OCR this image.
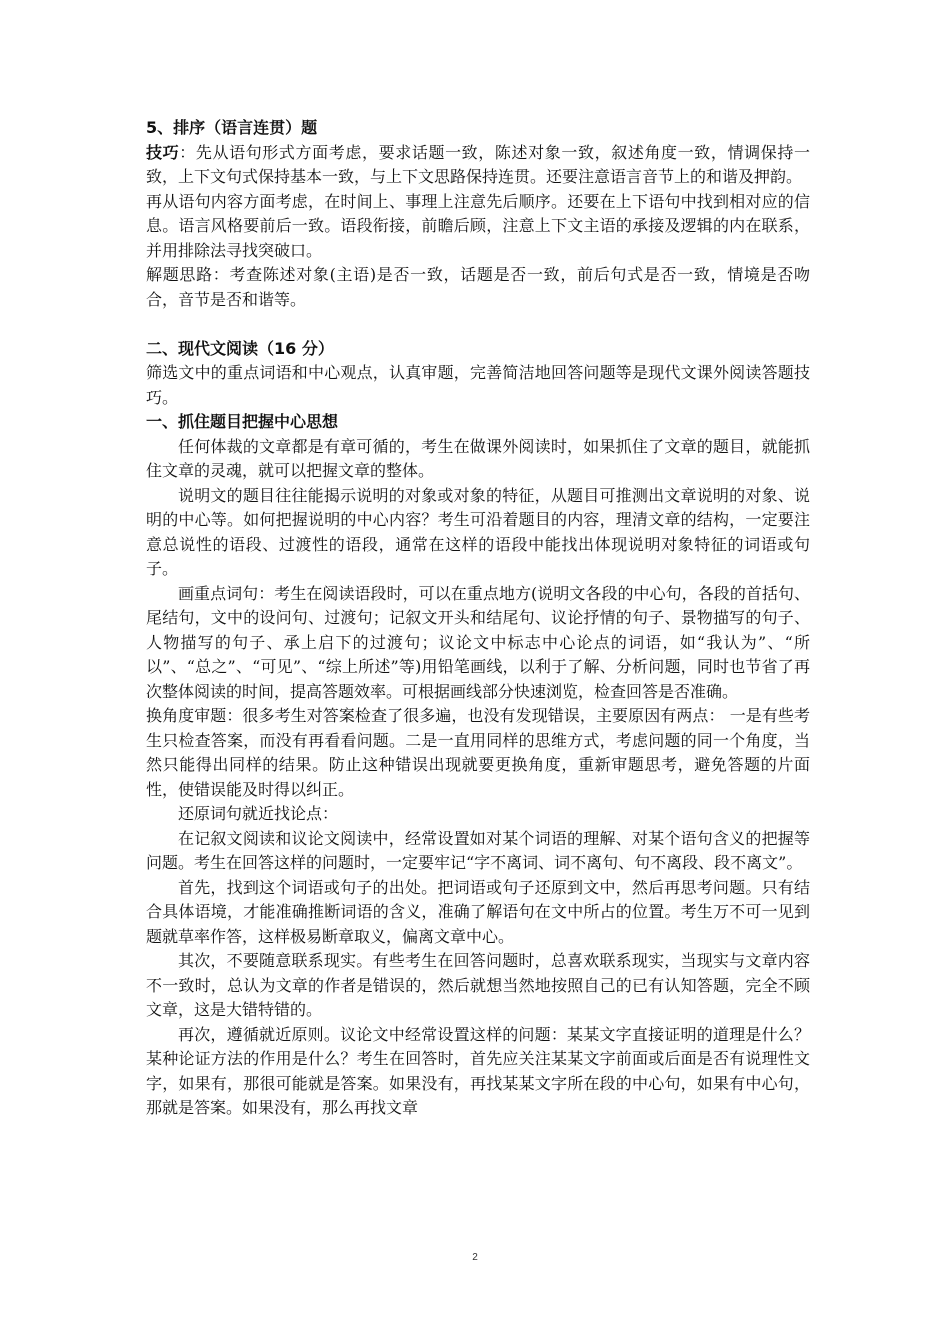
5、排序（语言连贯）题

技巧：先从语句形式方面考虑，要求话题一致，陈述对象一致，叙述角度一致，情调保持一致，上下文句式保持基本一致，与上下文思路保持连贯。还要注意语言音节上的和谐及押韵。

再从语句内容方面考虑，在时间上、事理上注意先后顺序。还要在上下语句中找到相对应的信息。语言风格要前后一致。语段衔接，前瞻后顾，注意上下文主语的承接及逻辑的内在联系，并用排除法寻找突破口。

解题思路：考查陈述对象(主语)是否一致，话题是否一致，前后句式是否一致，情境是否吻合，音节是否和谐等。

二、现代文阅读（16 分）

筛选文中的重点词语和中心观点，认真审题，完善简洁地回答问题等是现代文课外阅读答题技巧。

一、抓住题目把握中心思想

任何体裁的文章都是有章可循的，考生在做课外阅读时，如果抓住了文章的题目，就能抓住文章的灵魂，就可以把握文章的整体。

说明文的题目往往能揭示说明的对象或对象的特征，从题目可推测出文章说明的对象、说明的中心等。如何把握说明的中心内容？考生可沿着题目的内容，理清文章的结构，一定要注意总说性的语段、过渡性的语段，通常在这样的语段中能找出体现说明对象特征的词语或句子。

画重点词句：考生在阅读语段时，可以在重点地方(说明文各段的中心句，各段的首括句、尾结句，文中的设问句、过渡句；记叙文开头和结尾句、议论抒情的句子、景物描写的句子、人物描写的句子、承上启下的过渡句；议论文中标志中心论点的词语，如“我认为”、“所以”、“总之”、“可见”、“综上所述”等)用铅笔画线，以利于了解、分析问题，同时也节省了再次整体阅读的时间，提高答题效率。可根据画线部分快速浏览，检查回答是否准确。

换角度审题：很多考生对答案检查了很多遍，也没有发现错误，主要原因有两点： 一是有些考生只检查答案，而没有再看看问题。二是一直用同样的思维方式，考虑问题的同一个角度，当然只能得出同样的结果。防止这种错误出现就要更换角度，重新审题思考，避免答题的片面性，使错误能及时得以纠正。

还原词句就近找论点：

在记叙文阅读和议论文阅读中，经常设置如对某个词语的理解、对某个语句含义的把握等问题。考生在回答这样的问题时，一定要牢记“字不离词、词不离句、句不离段、段不离文”。

首先，找到这个词语或句子的出处。把词语或句子还原到文中，然后再思考问题。只有结合具体语境，才能准确推断词语的含义，准确了解语句在文中所占的位置。考生万不可一见到题就草率作答，这样极易断章取义，偏离文章中心。

其次，不要随意联系现实。有些考生在回答问题时，总喜欢联系现实，当现实与文章内容不一致时，总认为文章的作者是错误的，然后就想当然地按照自己的已有认知答题，完全不顾文章，这是大错特错的。

再次，遵循就近原则。议论文中经常设置这样的问题：某某文字直接证明的道理是什么？某种论证方法的作用是什么？考生在回答时，首先应关注某某文字前面或后面是否有说理性文字，如果有，那很可能就是答案。如果没有，再找某某文字所在段的中心句，如果有中心句，那就是答案。如果没有，那么再找文章

2
